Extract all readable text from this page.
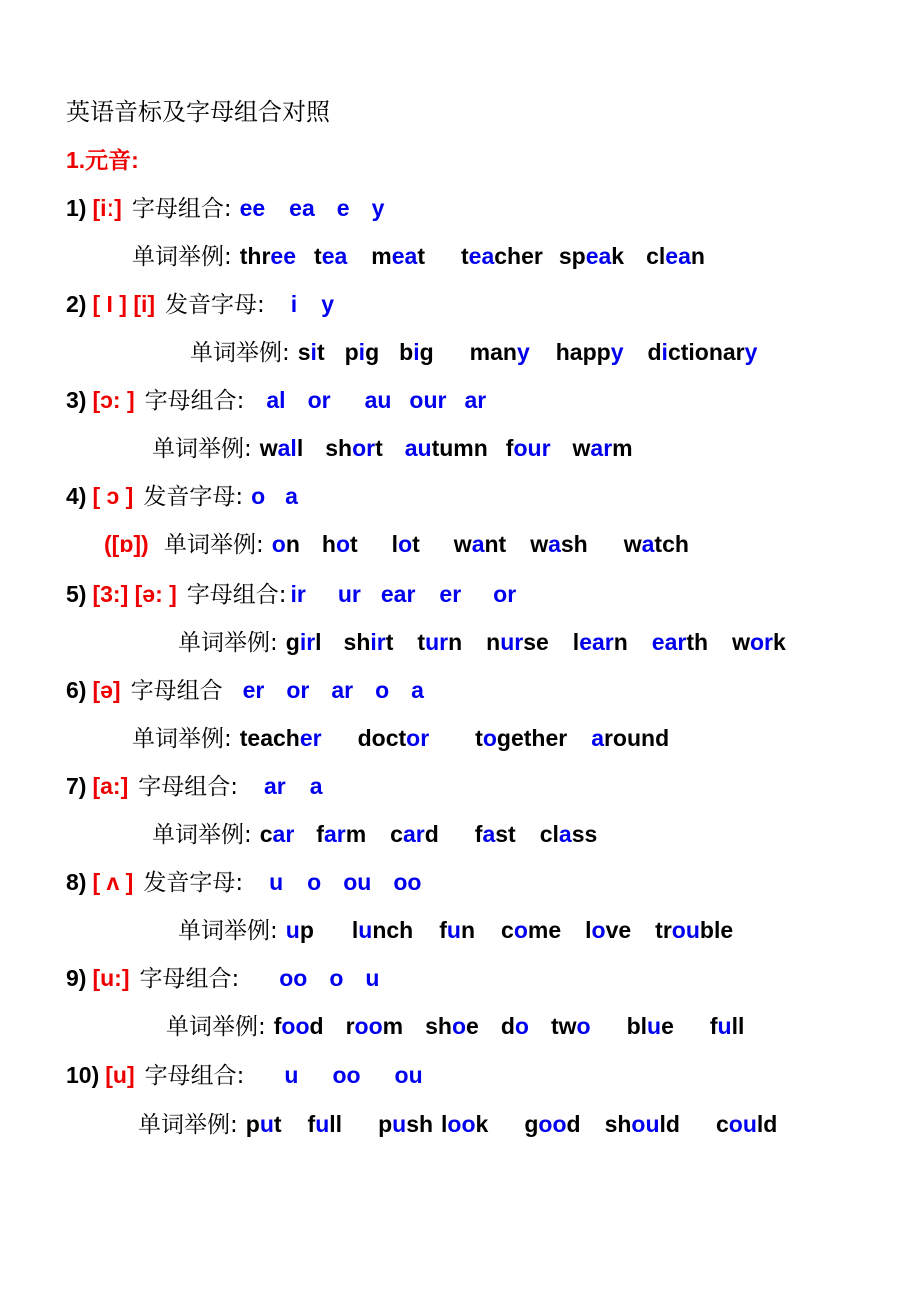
英语音标及字母组合对照
1.元音:
1) [iː] 字母组合: ee ea e y
单词举例: three tea meat teacher speak clean
2) [ I ] [i] 发音字母: i y
单词举例: sit pig big many happy dictionary
3) [ɔ: ] 字母组合: al or au our ar
单词举例: wall short autumn four warm
4) [ ɔ ] 发音字母: o a
([ɒ]) 单词举例: on hot lot want wash watch
5) [3:] [ə: ] 字母组合: ir ur ear er or
单词举例: girl shirt turn nurse learn earth work
6) [ə] 字母组合 er or ar o a
单词举例: teacher doctor together around
7) [a:] 字母组合: ar a
单词举例: car farm card fast class
8) [ ʌ ] 发音字母: u o ou oo
单词举例: up lunch fun come love trouble
9) [u:] 字母组合: oo o u
单词举例: food room shoe do two blue full
10) [u] 字母组合: u oo ou
单词举例: put full push look good should could
